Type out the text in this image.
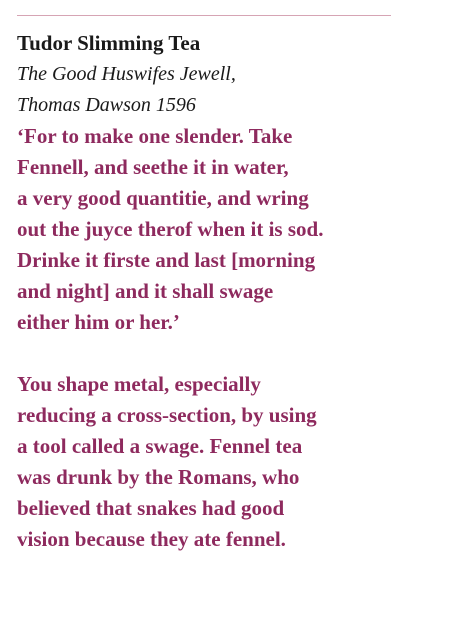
Tudor Slimming Tea

The Good Huswifes Jewell,
Thomas Dawson 1596

‘For to make one slender. Take
Fennell, and seethe it in water,
a very good quantitie, and wring
out the juyce therof when it is sod.
Drinke it firste and last [morning
and night] and it shall swage
either him or her.’

You shape metal, especially
reducing a cross-section, by using
a tool called a swage. Fennel tea
was drunk by the Romans, who
believed that snakes had good
vision because they ate fennel.
